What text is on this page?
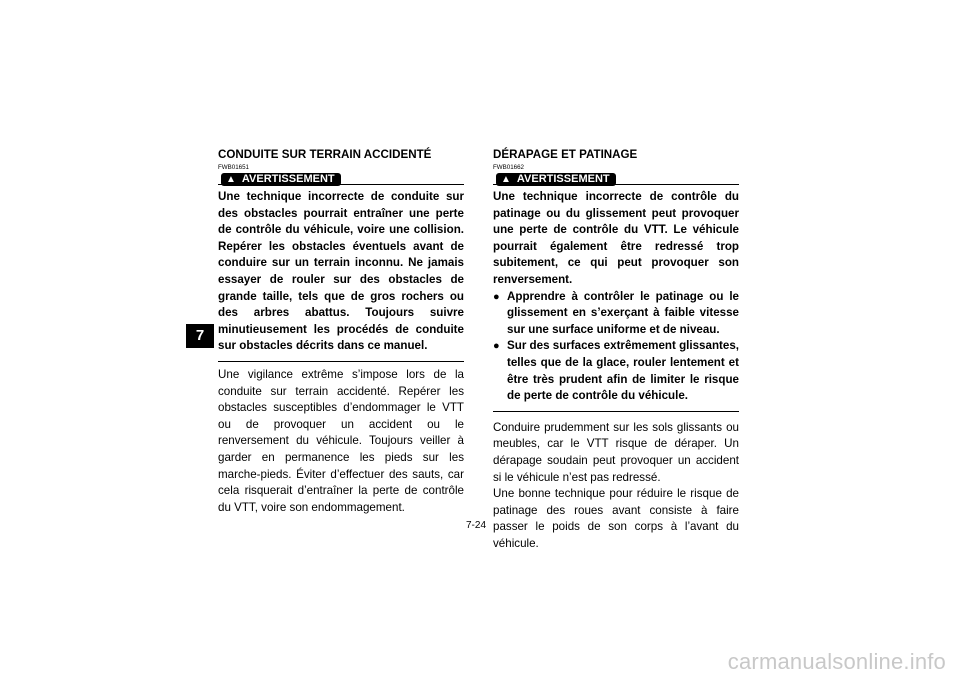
7
CONDUITE SUR TERRAIN ACCIDENTÉ
FWB01651
▲ AVERTISSEMENT

Une technique incorrecte de conduite sur des obstacles pourrait entraîner une perte de contrôle du véhicule, voire une collision. Repérer les obstacles éventuels avant de conduire sur un terrain inconnu. Ne jamais essayer de rouler sur des obstacles de grande taille, tels que de gros rochers ou des arbres abattus. Toujours suivre minutieusement les procédés de conduite sur obstacles décrits dans ce manuel.

Une vigilance extrême s’impose lors de la conduite sur terrain accidenté. Repérer les obstacles susceptibles d’endommager le VTT ou de provoquer un accident ou le renversement du véhicule. Toujours veiller à garder en permanence les pieds sur les marche-pieds. Éviter d’effectuer des sauts, car cela risquerait d’entraîner la perte de contrôle du VTT, voire son endommagement.

DÉRAPAGE ET PATINAGE
FWB01662
▲ AVERTISSEMENT

Une technique incorrecte de contrôle du patinage ou du glissement peut provoquer une perte de contrôle du VTT. Le véhicule pourrait également être redressé trop subitement, ce qui peut provoquer son renversement.

● Apprendre à contrôler le patinage ou le glissement en s’exerçant à faible vitesse sur une surface uniforme et de niveau.
● Sur des surfaces extrêmement glissantes, telles que de la glace, rouler lentement et être très prudent afin de limiter le risque de perte de contrôle du véhicule.

Conduire prudemment sur les sols glissants ou meubles, car le VTT risque de déraper. Un dérapage soudain peut provoquer un accident si le véhicule n’est pas redressé.

Une bonne technique pour réduire le risque de patinage des roues avant consiste à faire passer le poids de son corps à l’avant du véhicule.

7-24
carmanualsonline.info
